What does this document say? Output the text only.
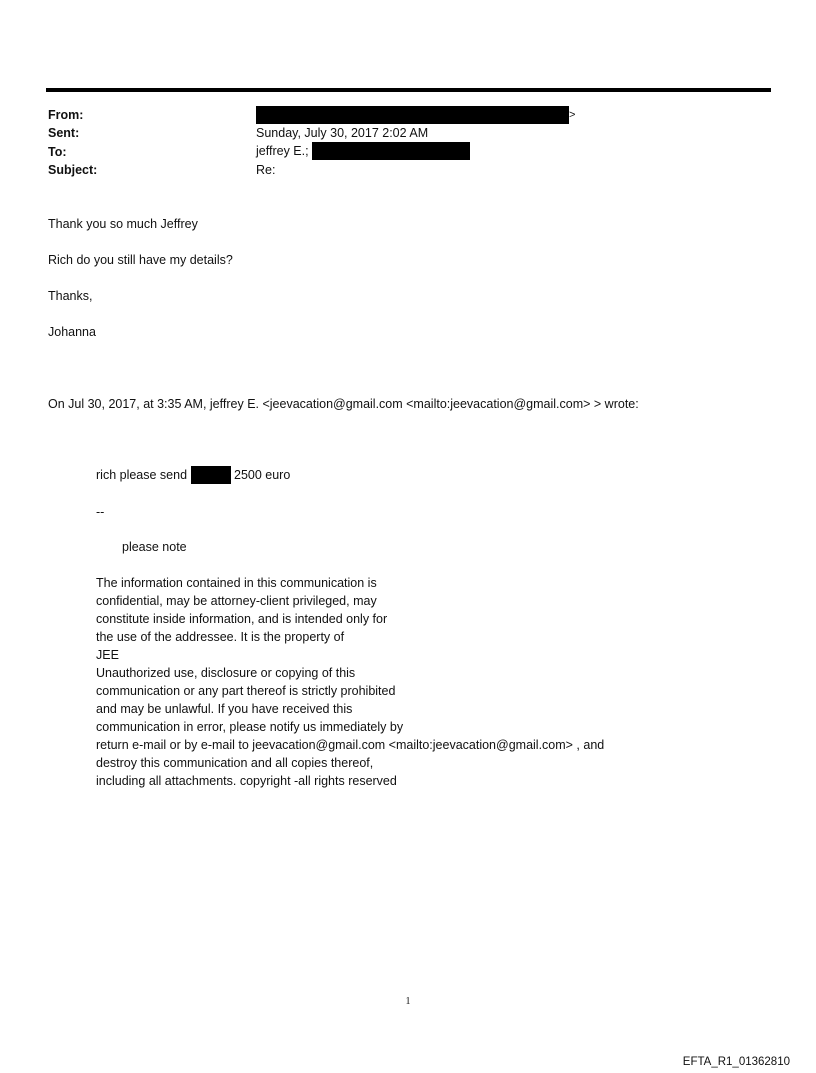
From:	>
Sent:	Sunday, July 30, 2017 2:02 AM
To:	jeffrey E.;
Subject:	Re:
Thank you so much Jeffrey
Rich do you still have my details?
Thanks,
Johanna
On Jul 30, 2017, at 3:35 AM, jeffrey E. <jeevacation@gmail.com <mailto:jeevacation@gmail.com> > wrote:
rich please send	2500 euro
--
please note
The information contained in this communication is
confidential, may be attorney-client privileged, may
constitute inside information, and is intended only for
the use of the addressee. It is the property of
JEE
Unauthorized use, disclosure or copying of this
communication or any part thereof is strictly prohibited
and may be unlawful. If you have received this
communication in error, please notify us immediately by
return e-mail or by e-mail to jeevacation@gmail.com <mailto:jeevacation@gmail.com> , and
destroy this communication and all copies thereof,
including all attachments. copyright -all rights reserved
1
EFTA_R1_01362810
